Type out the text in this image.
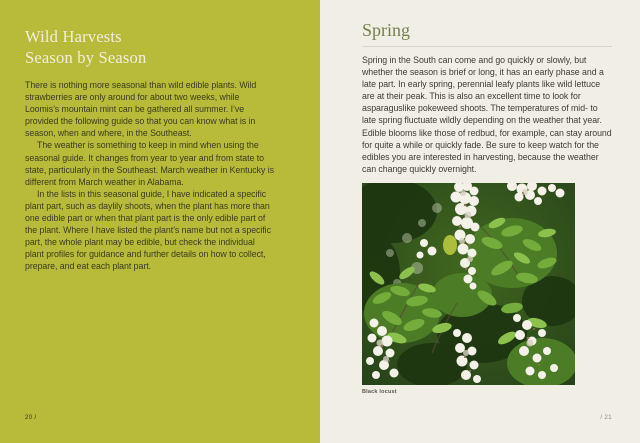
Wild Harvests
Season by Season

There is nothing more seasonal than wild edible plants. Wild strawberries are only around for about two weeks, while Loomis’s mountain mint can be gathered all summer. I’ve provided the following guide so that you can know what is in season, when and where, in the Southeast.

The weather is something to keep in mind when using the seasonal guide. It changes from year to year and from state to state, particularly in the Southeast. March weather in Kentucky is different from March weather in Alabama.

In the lists in this seasonal guide, I have indicated a specific plant part, such as daylily shoots, when the plant has more than one edible part or when that plant part is the only edible part of the plant. Where I have listed the plant’s name but not a specific part, the whole plant may be edible, but check the individual plant profiles for guidance and further details on how to collect, prepare, and eat each plant part.

20 /
Spring

Spring in the South can come and go quickly or slowly, but whether the season is brief or long, it has an early phase and a late part. In early spring, perennial leafy plants like wild lettuce are at their peak. This is also an excellent time to look for asparaguslike pokeweed shoots. The temperatures of mid- to late spring fluctuate wildly depending on the weather that year. Edible blooms like those of redbud, for example, can stay around for quite a while or quickly fade. Be sure to keep watch for the edibles you are interested in harvesting, because the weather can change quickly overnight.

Black locust
/ 21
